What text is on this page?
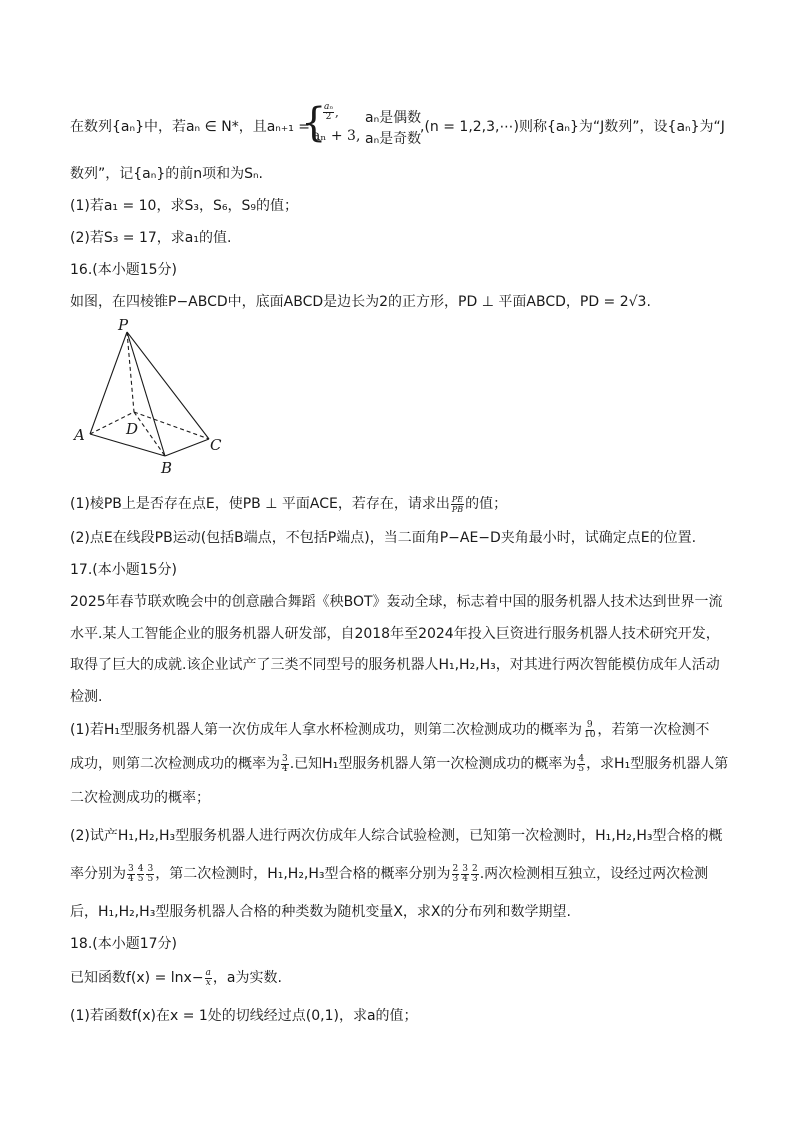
在数列{aₙ}中，若aₙ ∈ N*，且aₙ₊₁ =
{
$\frac{\text{aₙ}}{2}$ , aₙ是偶数
aₙ + 3, aₙ是奇数
,(n = 1,2,3,⋯)则称{aₙ}为“J数列”，设{aₙ}为“J
数列”，记{aₙ}的前n项和为Sₙ.
(1)若a₁ = 10，求S₃，S₆，S₉的值；
(2)若S₃ = 17，求a₁的值.
16.(本小题15分)
如图，在四棱锥P−ABCD中，底面ABCD是边长为2的正方形，PD ⊥ 平面ABCD，PD = 2√3.
P
A	D
B
C
(1)棱PB上是否存在点E，使PB ⊥ 平面ACE，若存在，请求出 $\frac{PE}{PB}$ 的值；
(2)点E在线段PB运动(包括B端点，不包括P端点)，当二面角P−AE−D夹角最小时，试确定点E的位置.
17.(本小题15分)
2025年春节联欢晚会中的创意融合舞蹈《秧BOT》轰动全球，标志着中国的服务机器人技术达到世界一流
水平.某人工智能企业的服务机器人研发部，自2018年至2024年投入巨资进行服务机器人技术研究开发，
取得了巨大的成就.该企业试产了三类不同型号的服务机器人H₁,H₂,H₃，对其进行两次智能模仿成年人活动
检测.
(1)若H₁型服务机器人第一次仿成年人拿水杯检测成功，则第二次检测成功的概率为 $\frac{9}{10}$ ，若第一次检测不
成功，则第二次检测成功的概率为 $\frac{3}{4}$ .已知H₁型服务机器人第一次检测成功的概率为 $\frac{4}{5}$ ，求H₁型服务机器人第
二次检测成功的概率；
(2)试产H₁,H₂,H₃型服务机器人进行两次仿成年人综合试验检测，已知第一次检测时，H₁,H₂,H₃型合格的概
率分别为 $\frac{3}{4} \frac{4}{5} \frac{3}{5}$ ，第二次检测时，H₁,H₂,H₃型合格的概率分别为 $\frac{2}{3} \frac{3}{4} \frac{2}{3}$ .两次检测相互独立，设经过两次检测
后，H₁,H₂,H₃型服务机器人合格的种类数为随机变量X，求X的分布列和数学期望.
18.(本小题17分)
已知函数$f(x) = \ln x- \frac{a}{x}$ ，a为实数.
(1)若函数f(x)在x = 1处的切线经过点(0,1)，求a的值；
